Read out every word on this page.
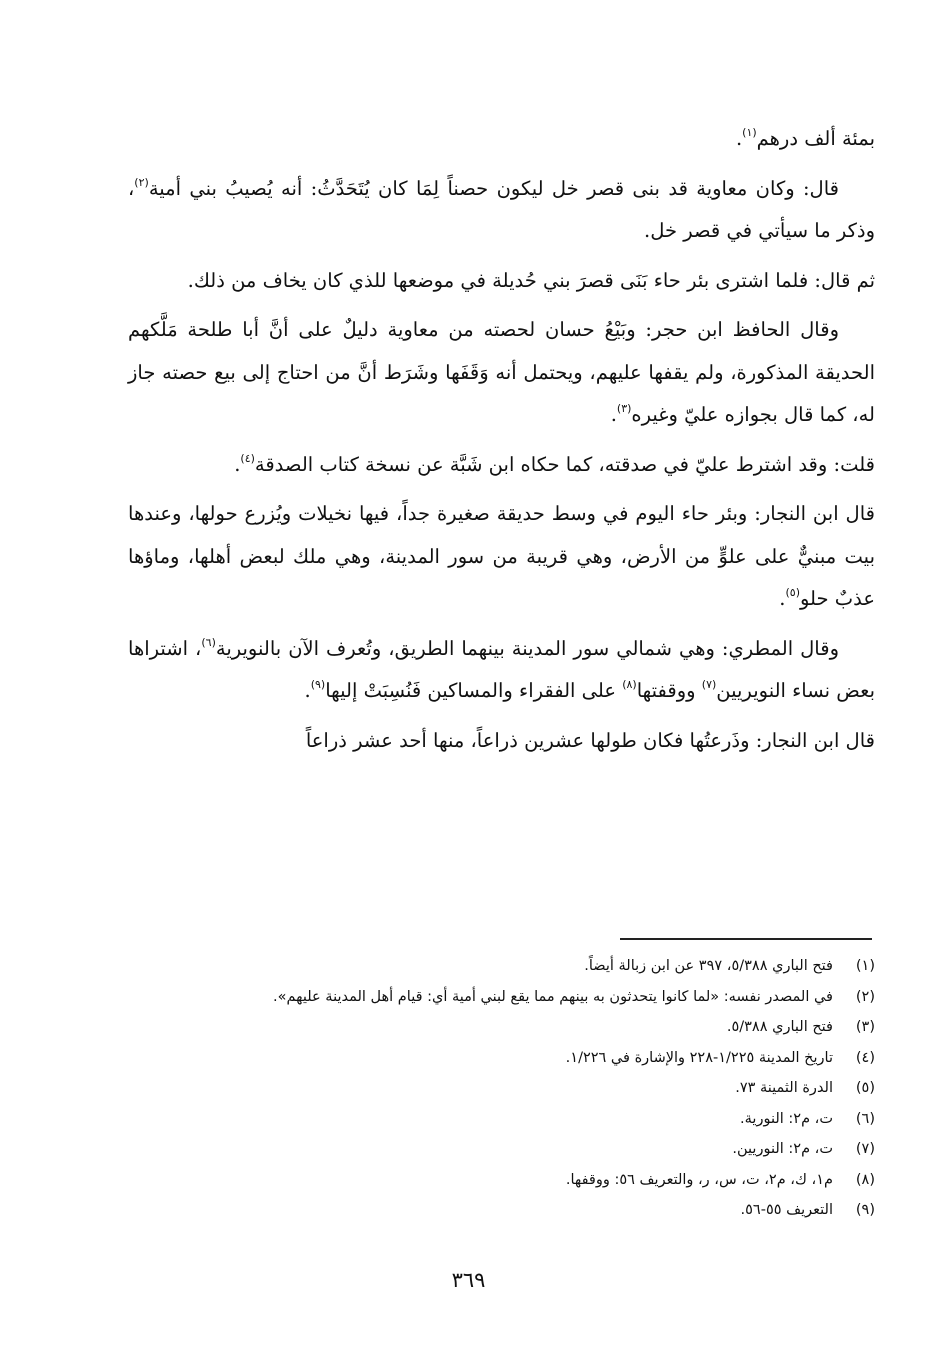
بمئة ألف درهم$^{(١)}$.

قال: وكان معاوية قد بنى قصر خل ليكون حصناً لِمَا كان يُتَحَدَّثُ: أنه يُصيبُ بني أمية$^{(٢)}$، وذكر ما سيأتي في قصر خل.

ثم قال: فلما اشترى بئر حاء بَنَى قصرَ بني حُديلة في موضعها للذي كان يخاف من ذلك.

وقال الحافظ ابن حجر: وبَيْعُ حسان لحصته من معاوية دليلٌ على أنَّ أبا طلحة مَلَّكهم الحديقة المذكورة، ولم يقفها عليهم، ويحتمل أنه وَقَفَها وشَرَط أنَّ من احتاج إلى بيع حصته جاز له، كما قال بجوازه عليّ وغيره$^{(٣)}$.

قلت: وقد اشترط عليّ في صدقته، كما حكاه ابن شَبَّة عن نسخة كتاب الصدقة$^{(٤)}$.

قال ابن النجار: وبئر حاء اليوم في وسط حديقة صغيرة جداً، فيها نخيلات ويُزرع حولها، وعندها بيت مبنيٌّ على علوٍّ من الأرض، وهي قريبة من سور المدينة، وهي ملك لبعض أهلها، وماؤها عذبٌ حلو$^{(٥)}$.

وقال المطري: وهي شمالي سور المدينة بينهما الطريق، وتُعرف الآن بالنويرية$^{(٦)}$، اشتراها بعض نساء النويريين$^{(٧)}$ ووقفتها$^{(٨)}$ على الفقراء والمساكين فَنُسِبَتْ إليها$^{(٩)}$.

قال ابن النجار: وذَرعتُها فكان طولها عشرين ذراعاً، منها أحد عشر ذراعاً

(١)فتح الباري ٥/٣٨٨، ٣٩٧ عن ابن زبالة أيضاً.
(٢)في المصدر نفسه: «لما كانوا يتحدثون به بينهم مما يقع لبني أمية أي: قيام أهل المدينة عليهم».
(٣)فتح الباري ٥/٣٨٨.
(٤)تاريخ المدينة ١/٢٢٥-٢٢٨ والإشارة في ١/٢٢٦.
(٥)الدرة الثمينة ٧٣.
(٦)ت، م٢: النورية.
(٧)ت، م٢: النوريين.
(٨)م١، ك، م٢، ت، س، ر، والتعريف ٥٦: ووقفها.
(٩)التعريف ٥٥-٥٦.
٣٦٩
